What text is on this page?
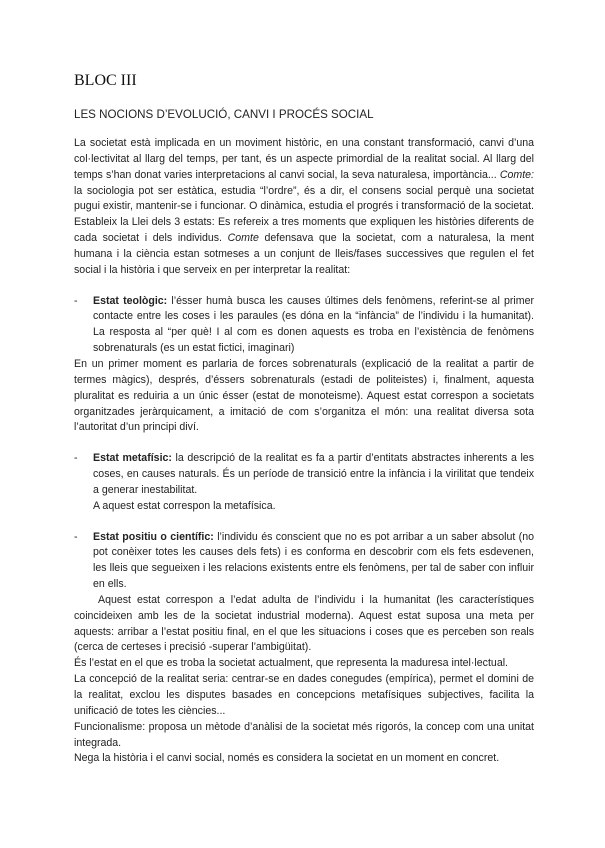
BLOC III
LES NOCIONS D’EVOLUCIÓ, CANVI I PROCÉS SOCIAL

La societat està implicada en un moviment històric, en una constant transformació, canvi d’una col·lectivitat al llarg del temps, per tant, és un aspecte primordial de la realitat social. Al llarg del temps s’han donat varies interpretacions al canvi social, la seva naturalesa, importància... Comte: la sociologia pot ser estàtica, estudia “l’ordre”, és a dir, el consens social perquè una societat pugui existir, mantenir-se i funcionar. O dinàmica, estudia el progrés i transformació de la societat. Estableix la Llei dels 3 estats: Es refereix a tres moments que expliquen les històries diferents de cada societat i dels individus. Comte defensava que la societat, com a naturalesa, la ment humana i la ciència estan sotmeses a un conjunt de lleis/fases successives que regulen el fet social i la història i que serveix en per interpretar la realitat:

- Estat teològic: l’ésser humà busca les causes últimes dels fenòmens, referint-se al primer contacte entre les coses i les paraules (es dóna en la “infància” de l’individu i la humanitat). La resposta al “per què! I al com es donen aquests es troba en l’existència de fenòmens sobrenaturals (es un estat fictici, imaginari)

En un primer moment es parlaria de forces sobrenaturals (explicació de la realitat a partir de termes màgics), després, d’éssers sobrenaturals (estadi de politeistes) i, finalment, aquesta pluralitat es reduiria a un únic ésser (estat de monoteisme). Aquest estat correspon a societats organitzades jeràrquicament, a imitació de com s’organitza el món: una realitat diversa sota l’autoritat d’un principi diví.

- Estat metafísic: la descripció de la realitat es fa a partir d’entitats abstractes inherents a les coses, en causes naturals. És un període de transició entre la infància i la virilitat que tendeix a generar inestabilitat.

A aquest estat correspon la metafísica.

- Estat positiu o científic: l’individu és conscient que no es pot arribar a un saber absolut (no pot conèixer totes les causes dels fets) i es conforma en descobrir com els fets esdevenen, les lleis que segueixen i les relacions existents entre els fenòmens, per tal de saber con influir en ells.

Aquest estat correspon a l’edat adulta de l’individu i la humanitat (les característiques coincideixen amb les de la societat industrial moderna). Aquest estat suposa una meta per aquests: arribar a l’estat positiu final, en el que les situacions i coses que es perceben son reals (cerca de certeses i precisió -superar l’ambigüitat).

És l’estat en el que es troba la societat actualment, que representa la maduresa intel·lectual.

La concepció de la realitat seria: centrar-se en dades conegudes (empírica), permet el domini de la realitat, exclou les disputes basades en concepcions metafísiques subjectives, facilita la unificació de totes les ciències...

Funcionalisme: proposa un mètode d’anàlisi de la societat més rigorós, la concep com una unitat integrada.

Nega la història i el canvi social, només es considera la societat en un moment en concret.
